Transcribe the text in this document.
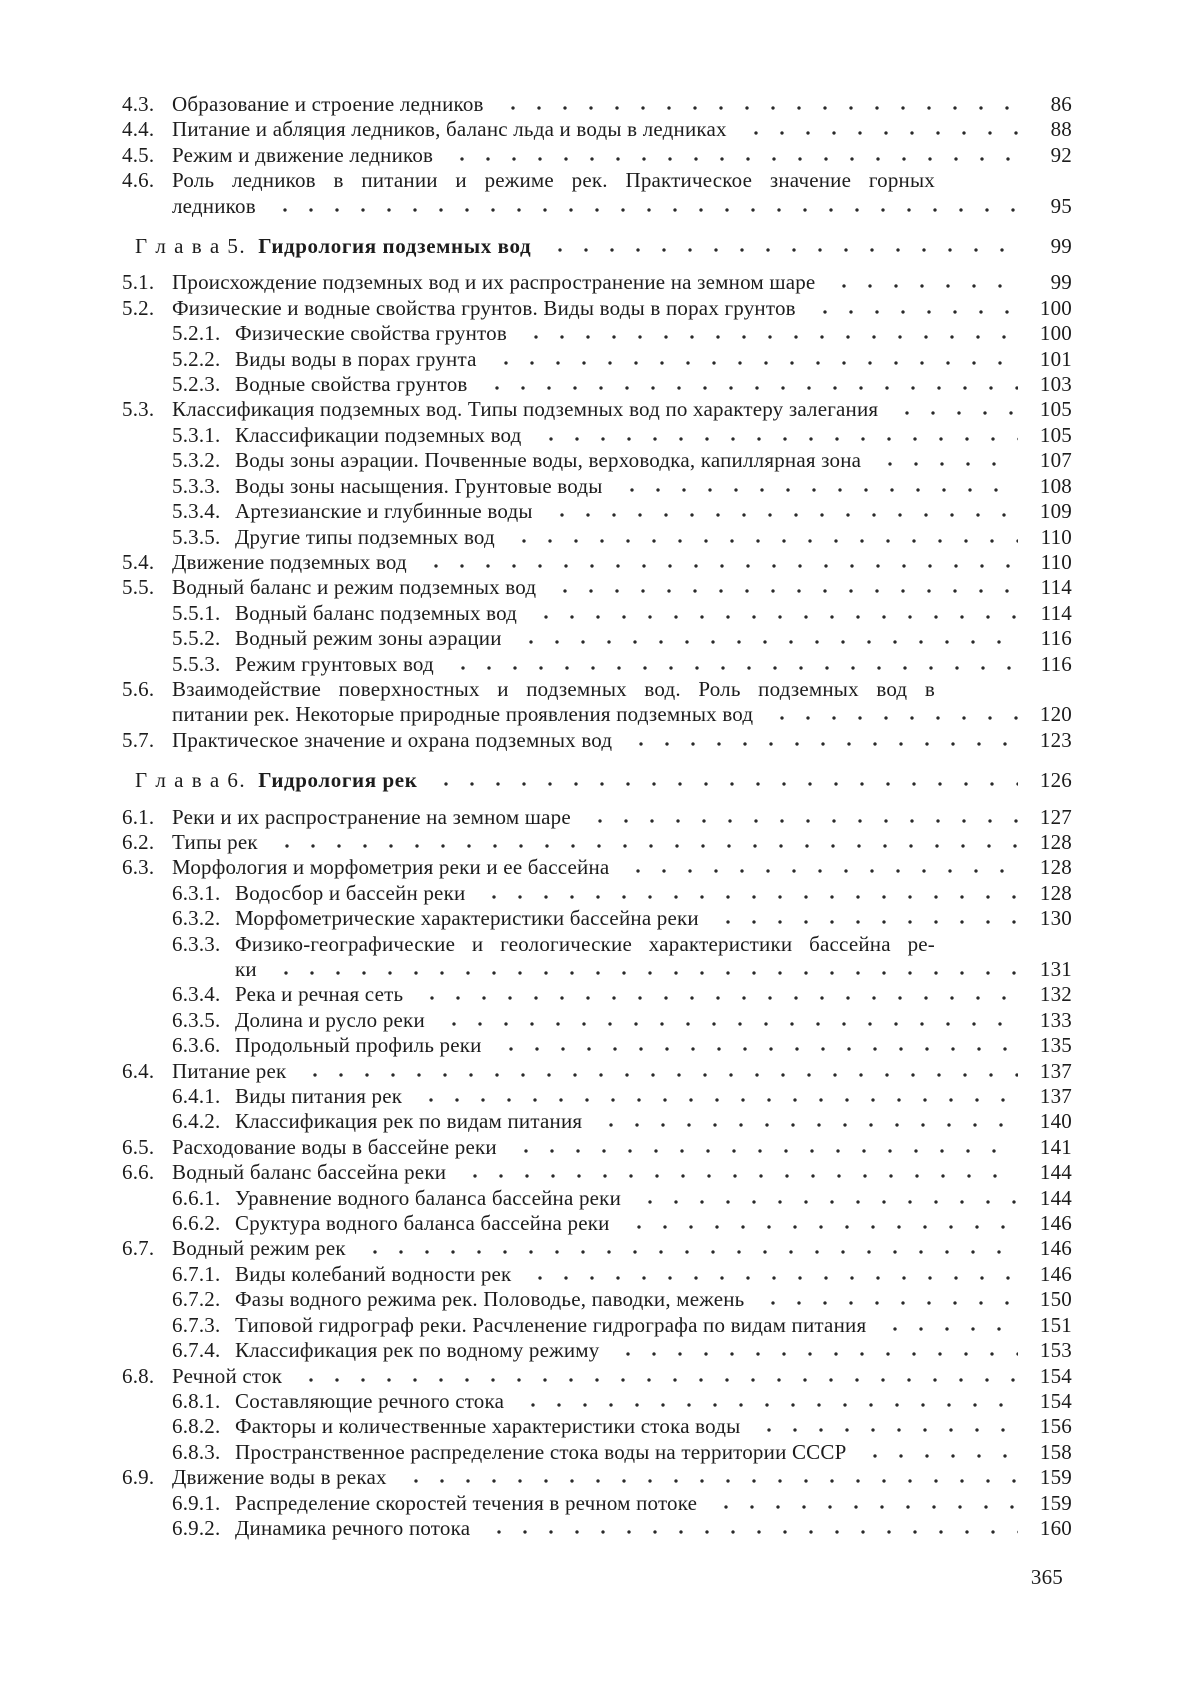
4.3. Образование и строение ледников	86
4.4. Питание и абляция ледников, баланс льда и воды в ледниках	88
4.5. Режим и движение ледников	92
4.6. Роль ледников в питании и режиме рек. Практическое значение горных
ледников	95
Г л а в а 5. Гидрология подземных вод	99
5.1. Происхождение подземных вод и их распространение на земном шаре	99
5.2. Физические и водные свойства грунтов. Виды воды в порах грунтов	100
5.2.1. Физические свойства грунтов	100
5.2.2. Виды воды в порах грунта	101
5.2.3. Водные свойства грунтов	103
5.3. Классификация подземных вод. Типы подземных вод по характеру залегания	105
5.3.1. Классификации подземных вод	105
5.3.2. Воды зоны аэрации. Почвенные воды, верховодка, капиллярная зона	107
5.3.3. Воды зоны насыщения. Грунтовые воды	108
5.3.4. Артезианские и глубинные воды	109
5.3.5. Другие типы подземных вод	110
5.4. Движение подземных вод	110
5.5. Водный баланс и режим подземных вод	114
5.5.1. Водный баланс подземных вод	114
5.5.2. Водный режим зоны аэрации	116
5.5.3. Режим грунтовых вод	116
5.6. Взаимодействие поверхностных и подземных вод. Роль подземных вод в
питании рек. Некоторые природные проявления подземных вод	120
5.7. Практическое значение и охрана подземных вод	123
Г л а в а 6. Гидрология рек	126
6.1. Реки и их распространение на земном шаре	127
6.2. Типы рек	128
6.3. Морфология и морфометрия реки и ее бассейна	128
6.3.1. Водосбор и бассейн реки	128
6.3.2. Морфометрические характеристики бассейна реки	130
6.3.3. Физико-географические и геологические характеристики бассейна ре-
ки	131
6.3.4. Река и речная сеть	132
6.3.5. Долина и русло реки	133
6.3.6. Продольный профиль реки	135
6.4. Питание рек	137
6.4.1. Виды питания рек	137
6.4.2. Классификация рек по видам питания	140
6.5. Расходование воды в бассейне реки	141
6.6. Водный баланс бассейна реки	144
6.6.1. Уравнение водного баланса бассейна реки	144
6.6.2. Сруктура водного баланса бассейна реки	146
6.7. Водный режим рек	146
6.7.1. Виды колебаний водности рек	146
6.7.2. Фазы водного режима рек. Половодье, паводки, межень	150
6.7.3. Типовой гидрограф реки. Расчленение гидрографа по видам питания	151
6.7.4. Классификация рек по водному режиму	153
6.8. Речной сток	154
6.8.1. Составляющие речного стока	154
6.8.2. Факторы и количественные характеристики стока воды	156
6.8.3. Пространственное распределение стока воды на территории СССР	158
6.9. Движение воды в реках	159
6.9.1. Распределение скоростей течения в речном потоке	159
6.9.2. Динамика речного потока	160
365
